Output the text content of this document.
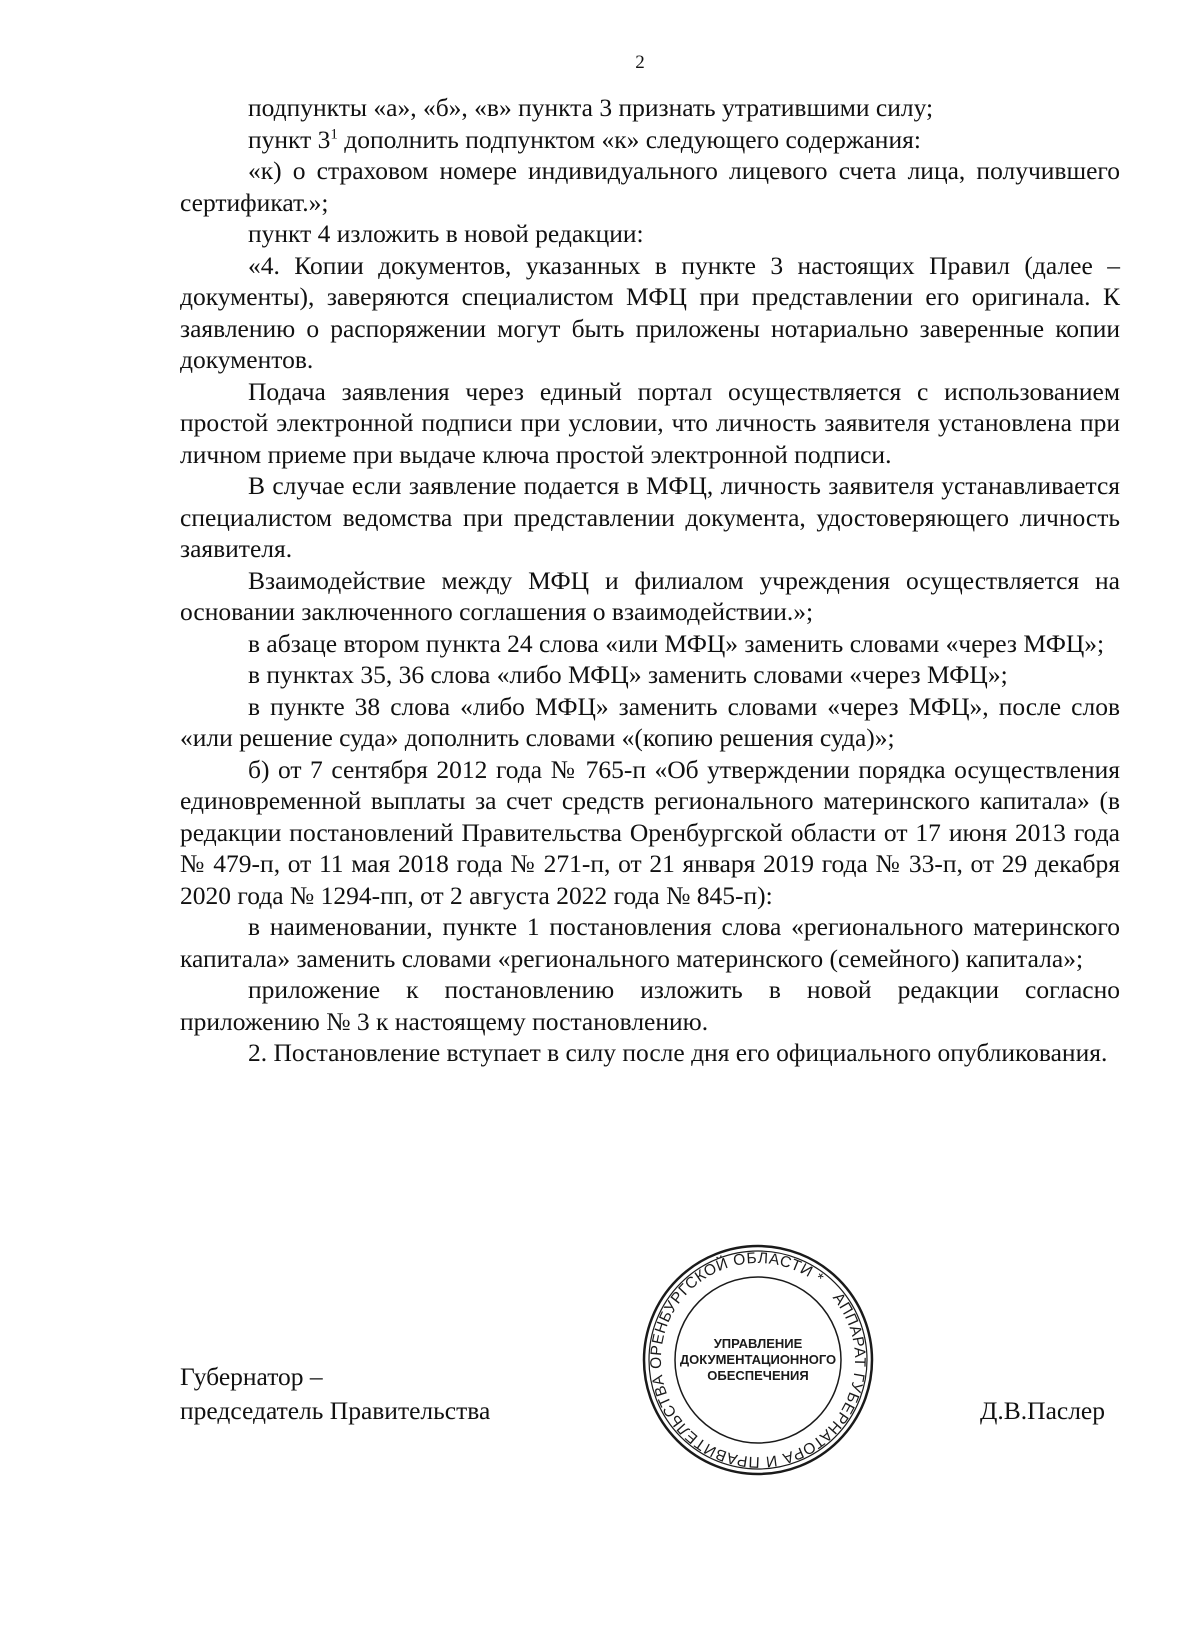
2

подпункты «а», «б», «в» пункта 3 признать утратившими силу;

пункт $3^1$ дополнить подпунктом «к» следующего содержания:

«к) о страховом номере индивидуального лицевого счета лица, получившего сертификат.»;

пункт 4 изложить в новой редакции:

«4. Копии документов, указанных в пункте 3 настоящих Правил (далее – документы), заверяются специалистом МФЦ при представлении его оригинала. К заявлению о распоряжении могут быть приложены нотариально заверенные копии документов.

Подача заявления через единый портал осуществляется с использованием простой электронной подписи при условии, что личность заявителя установлена при личном приеме при выдаче ключа простой электронной подписи.

В случае если заявление подается в МФЦ, личность заявителя устанавливается специалистом ведомства при представлении документа, удостоверяющего личность заявителя.

Взаимодействие между МФЦ и филиалом учреждения осуществляется на основании заключенного соглашения о взаимодействии.»;

в абзаце втором пункта 24 слова «или МФЦ» заменить словами «через МФЦ»;

в пунктах 35, 36 слова «либо МФЦ» заменить словами «через МФЦ»;

в пункте 38 слова «либо МФЦ» заменить словами «через МФЦ», после слов «или решение суда» дополнить словами «(копию решения суда)»;

б) от 7 сентября 2012 года № 765-п «Об утверждении порядка осуществления единовременной выплаты за счет средств регионального материнского капитала» (в редакции постановлений Правительства Оренбургской области от 17 июня 2013 года № 479-п, от 11 мая 2018 года № 271-п, от 21 января 2019 года № 33-п, от 29 декабря 2020 года № 1294-пп, от 2 августа 2022 года № 845-п):

в наименовании, пункте 1 постановления слова «регионального материнского капитала» заменить словами «регионального материнского (семейного) капитала»;

приложение к постановлению изложить в новой редакции согласно приложению № 3 к настоящему постановлению.

2. Постановление вступает в силу после дня его официального опубликования.

Губернатор –
председатель Правительства	Д.В.Паслер
АППАРАТ ГУБЕРНАТОРА И ПРАВИТЕЛЬСТВА ОРЕНБУРГСКОЙ ОБЛАСТИ *
УПРАВЛЕНИЕ
ДОКУМЕНТАЦИОННОГО
ОБЕСПЕЧЕНИЯ
